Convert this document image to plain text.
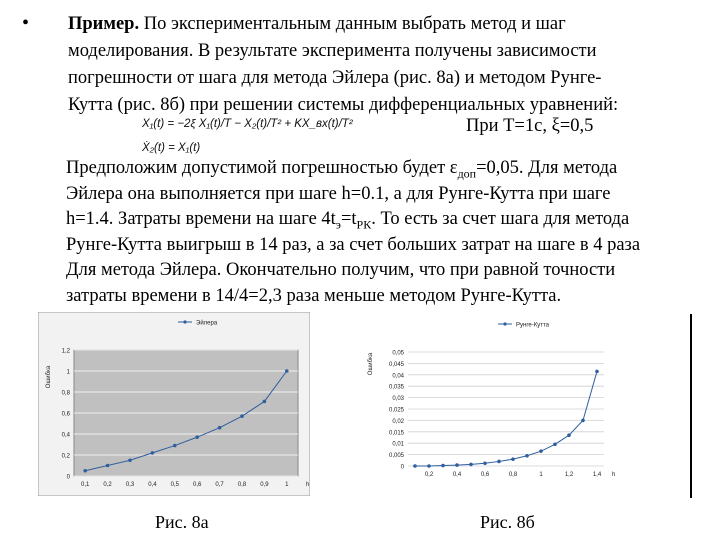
• Пример. По экспериментальным данным выбрать метод и шаг
моделирования. В результате эксперимента получены зависимости
погрешности от шага для метода Эйлера (рис. 8а) и методом Рунге-
Кутта (рис. 8б) при решении системы дифференциальных уравнений:
X₁(t) = −2ξ X₁(t)/T − X₂(t)/T² + KX_вх(t)/T²
Ẋ₂(t) = X₁(t)
При T=1c, ξ=0,5
Предположим допустимой погрешностью будет $\varepsilon_{доп}=0,05$. Для метода
Эйлера она выполняется при шаге h=0.1, а для Рунге-Кутта при шаге
h=1.4. Затраты времени на шаге $4t_э=t_{РК}$. То есть за счет шага для метода
Рунге-Кутта выигрыш в 14 раз, а за счет больших затрат на шаге в 4 раза
Для метода Эйлера. Окончательно получим, что при равной точности
затраты времени в 14/4=2,3 раза меньше методом Рунге-Кутта.
0
0,2
0,4
0,6
0,8
1
1,2
0,1 0,2 0,3 0,4 0,5 0,6 0,7 0,8 0,9	1	h
Ошибка
Эйлера
0
0,005
0,01
0,015
0,02
0,025
0,03
0,035
0,04
0,045
0,05
0,2	0,4	0,6	0,8	1	1,2	1,4 h
Ошибка
Рунге-Кутта
Рис. 8а	Рис. 8б
